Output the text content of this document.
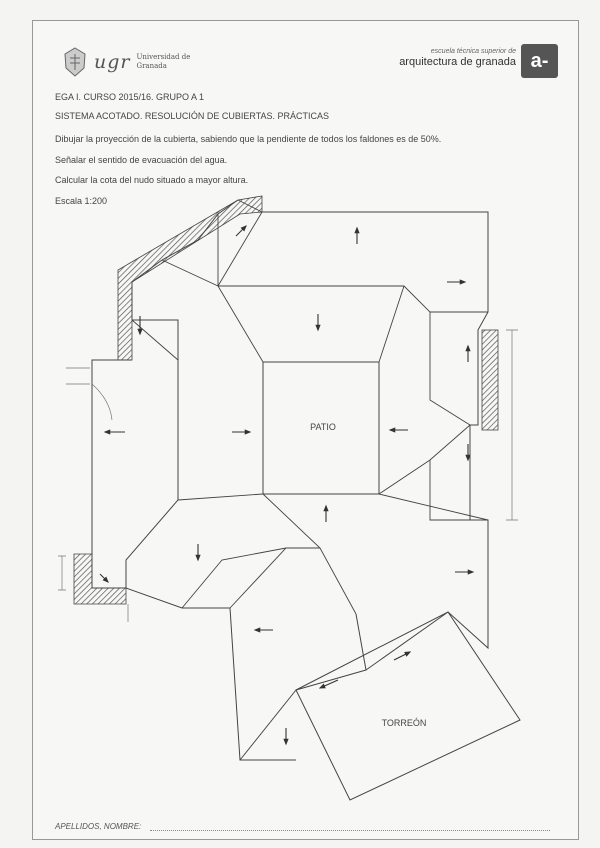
ugr Universidad de Granada
escuela técnica superior de
arquitectura de granada a-
EGA I. CURSO 2015/16. GRUPO A 1
SISTEMA ACOTADO. RESOLUCIÓN DE CUBIERTAS. PRÁCTICAS
Dibujar la proyección de la cubierta, sabiendo que la pendiente de todos los faldones es de 50%.
Señalar el sentido de evacuación del agua.
Calcular la cota del nudo situado a mayor altura.
Escala 1:200
PATIO
TORREÓN
APELLIDOS, NOMBRE:
